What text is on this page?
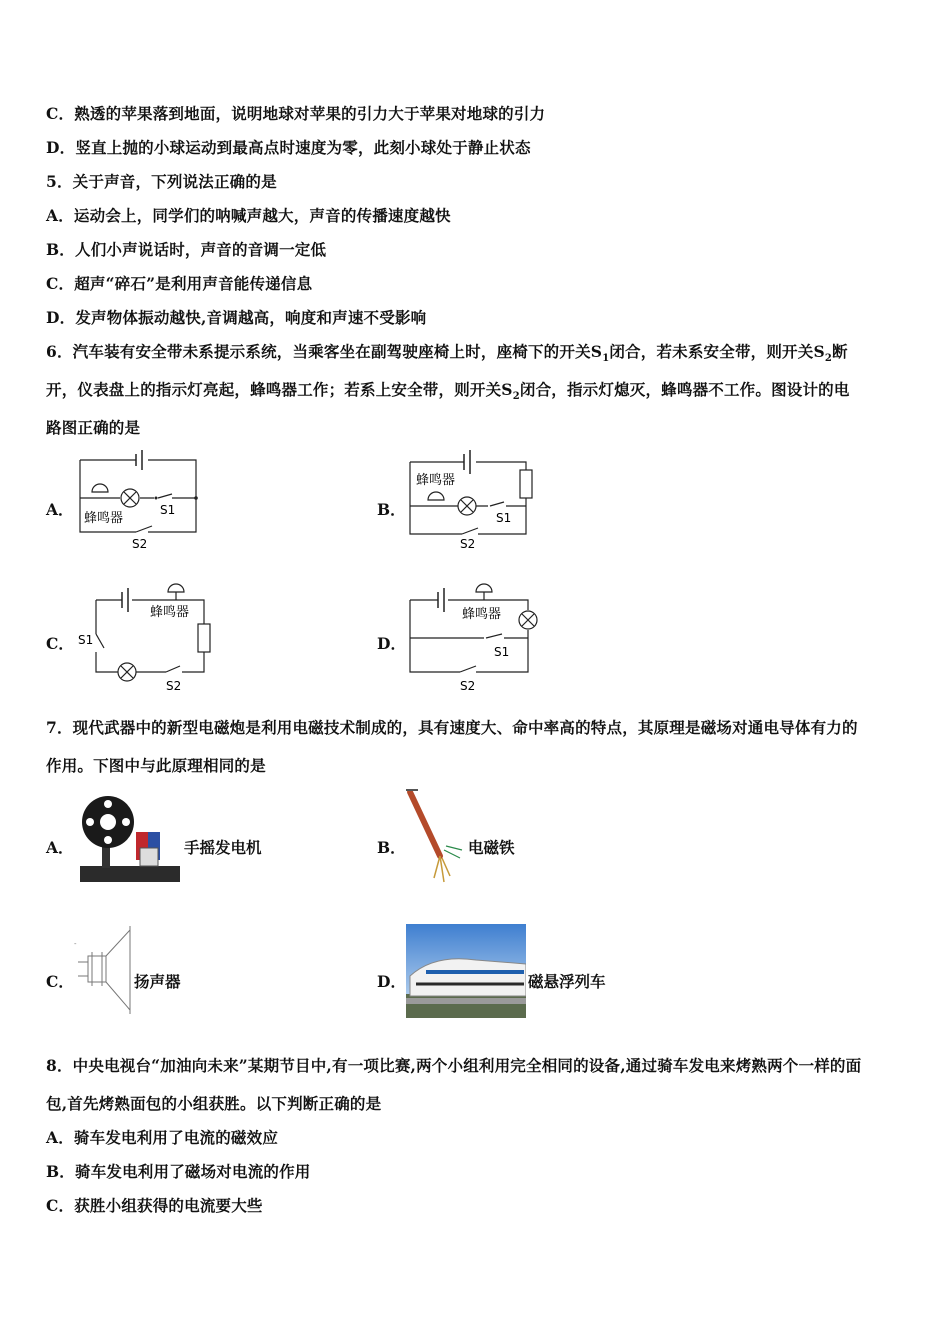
C．熟透的苹果落到地面，说明地球对苹果的引力大于苹果对地球的引力
D．竖直上抛的小球运动到最高点时速度为零，此刻小球处于静止状态
5．关于声音，下列说法正确的是
A．运动会上，同学们的呐喊声越大，声音的传播速度越快
B．人们小声说话时，声音的音调一定低
C．超声“碎石”是利用声音能传递信息
D．发声物体振动越快,音调越高，响度和声速不受影响
6．汽车装有安全带未系提示系统，当乘客坐在副驾驶座椅上时，座椅下的开关$S_1$闭合，若未系安全带，则开关$S_2$断
开，仪表盘上的指示灯亮起，蜂鸣器工作；若系上安全带，则开关$S_2$闭合，指示灯熄灭，蜂鸣器不工作。图设计的电
路图正确的是
A．	B．
C．	D．
蜂鸣器
S1
S2
蜂鸣器
S1
S2
蜂鸣器
S1
S2
蜂鸣器
S1
S2
7．现代武器中的新型电磁炮是利用电磁技术制成的，具有速度大、命中率高的特点，其原理是磁场对通电导体有力的
作用。下图中与此原理相同的是
A．	手摇发电机	B．	电磁铁
C．
-
扬声器	D．	磁悬浮列车
8．中央电视台“加油向未来”某期节目中,有一项比赛,两个小组利用完全相同的设备,通过骑车发电来烤熟两个一样的面
包,首先烤熟面包的小组获胜。以下判断正确的是
A．骑车发电利用了电流的磁效应
B．骑车发电利用了磁场对电流的作用
C．获胜小组获得的电流要大些
